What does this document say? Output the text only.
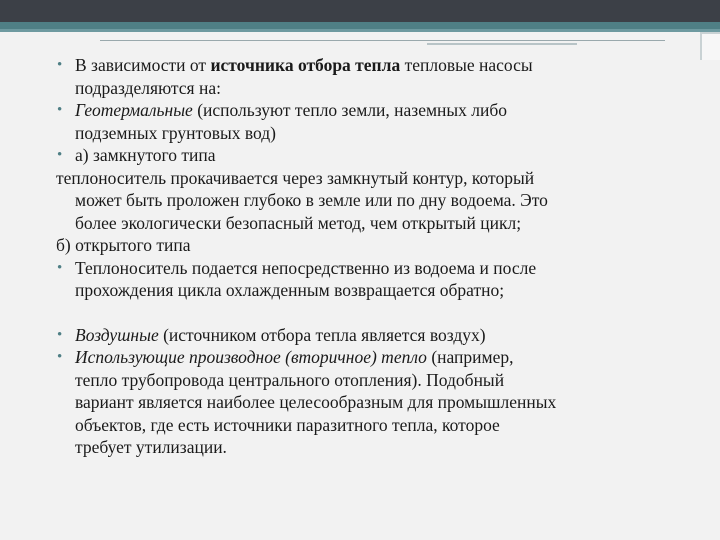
• В зависимости от источника отбора тепла тепловые насосы
подразделяются на:
• Геотермальные (используют тепло земли, наземных либо
подземных грунтовых вод)
• а) замкнутого типа
теплоноситель прокачивается через замкнутый контур, который
может быть проложен глубоко в земле или по дну водоема. Это
более экологически безопасный метод, чем открытый цикл;
б) открытого типа
• Теплоноситель подается непосредственно из водоема и после
прохождения цикла охлажденным возвращается обратно;
• Воздушные (источником отбора тепла является воздух)
• Использующие производное (вторичное) тепло (например,
тепло трубопровода центрального отопления). Подобный
вариант является наиболее целесообразным для промышленных
объектов, где есть источники паразитного тепла, которое
требует утилизации.
